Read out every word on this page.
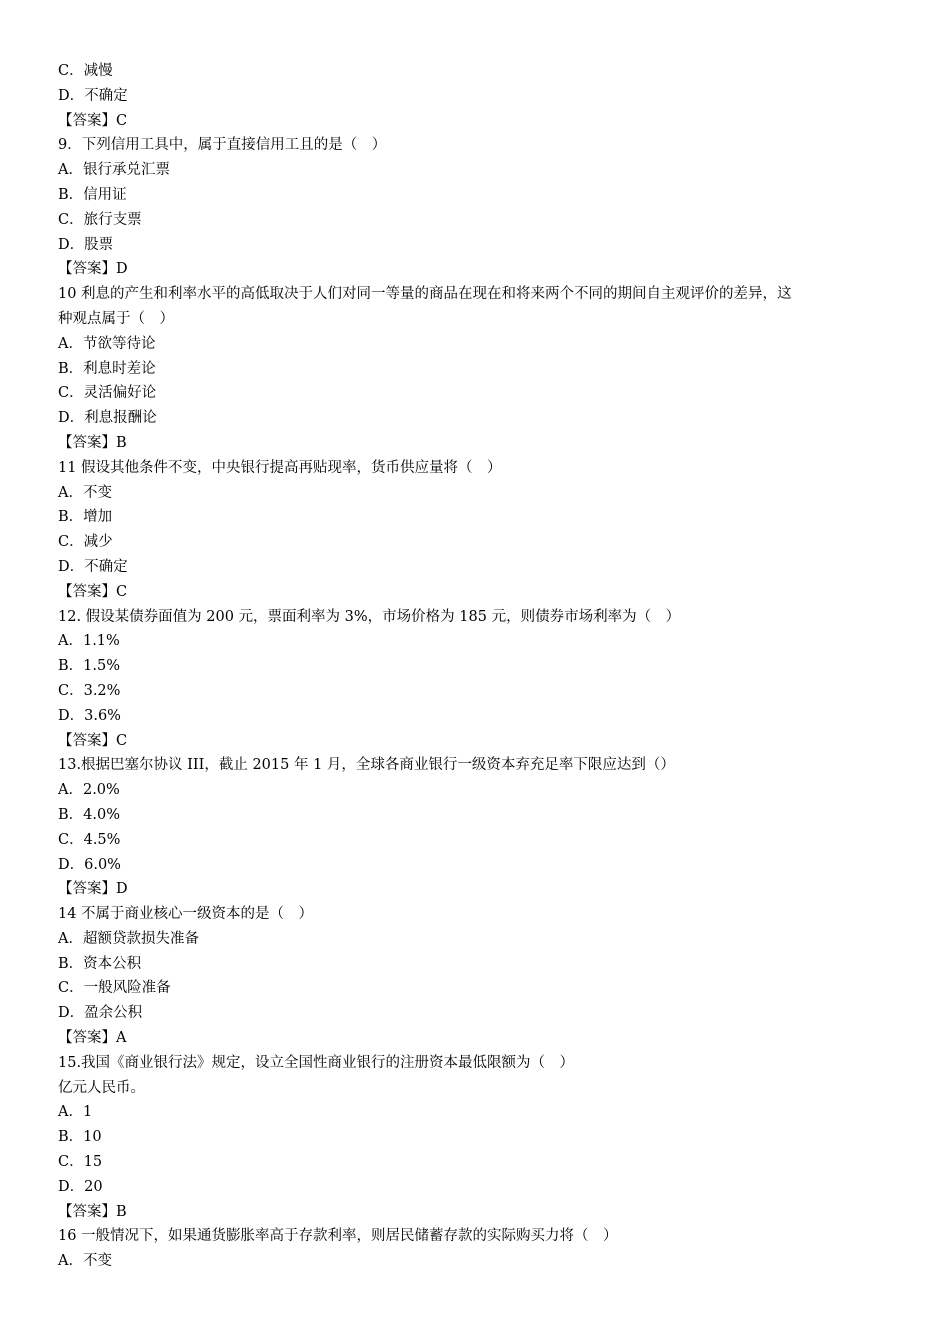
C．减慢
D．不确定
【答案】C
9．下列信用工具中，属于直接信用工且的是（　）
A．银行承兑汇票
B．信用证
C．旅行支票
D．股票
【答案】D
10 利息的产生和利率水平的高低取决于人们对同一等量的商品在现在和将来两个不同的期间自主观评价的差异，这
种观点属于（　）
A．节欲等待论
B．利息时差论
C．灵活偏好论
D．利息报酬论
【答案】B
11 假设其他条件不变，中央银行提高再贴现率，货币供应量将（　）
A．不变
B．增加
C．减少
D．不确定
【答案】C
12. 假设某债券面值为 200 元，票面利率为 3%，市场价格为 185 元，则债券市场利率为（　）
A．1.1%
B．1.5%
C．3.2%
D．3.6%
【答案】C
13.根据巴塞尔协议 III，截止 2015 年 1 月，全球各商业银行一级资本弃充足率下限应达到（）
A．2.0%
B．4.0%
C．4.5%
D．6.0%
【答案】D
14 不属于商业核心一级资本的是（　）
A．超额贷款损失准备
B．资本公积
C．一般风险准备
D．盈余公积
【答案】A
15.我国《商业银行法》规定，设立全国性商业银行的注册资本最低限额为（　）
亿元人民币。
A．1
B．10
C．15
D．20
【答案】B
16 一般情况下，如果通货膨胀率高于存款利率，则居民储蓄存款的实际购买力将（　）
A．不变
